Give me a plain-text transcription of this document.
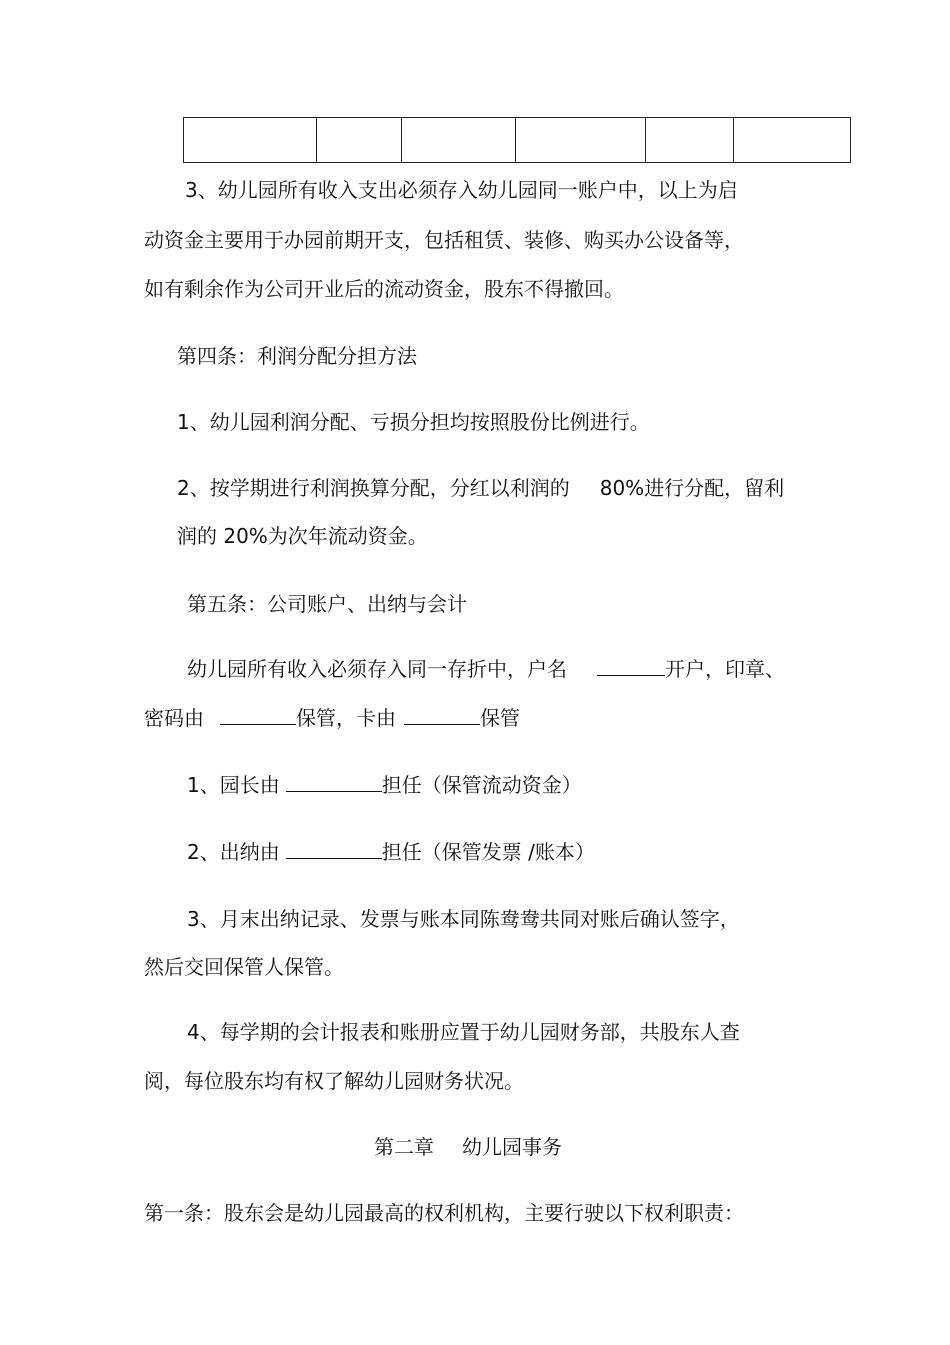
3、幼儿园所有收入支出必须存入幼儿园同一账户中，以上为启
动资金主要用于办园前期开支，包括租赁、装修、购买办公设备等，
如有剩余作为公司开业后的流动资金，股东不得撤回。
第四条：利润分配分担方法
1、幼儿园利润分配、亏损分担均按照股份比例进行。
2、按学期进行利润换算分配，分红以利润的 80%进行分配，留利
润的 20%为次年流动资金。
第五条：公司账户、出纳与会计
幼儿园所有收入必须存入同一存折中，户名	开户，印章、
密码由	保管，卡由	保管
1、园长由	担任（保管流动资金）
2、出纳由	担任（保管发票 /账本）
3、月末出纳记录、发票与账本同陈鸯鸯共同对账后确认签字，
然后交回保管人保管。
4、每学期的会计报表和账册应置于幼儿园财务部，共股东人查
阅，每位股东均有权了解幼儿园财务状况。
第二章 幼儿园事务
第一条：股东会是幼儿园最高的权利机构，主要行驶以下权利职责：
